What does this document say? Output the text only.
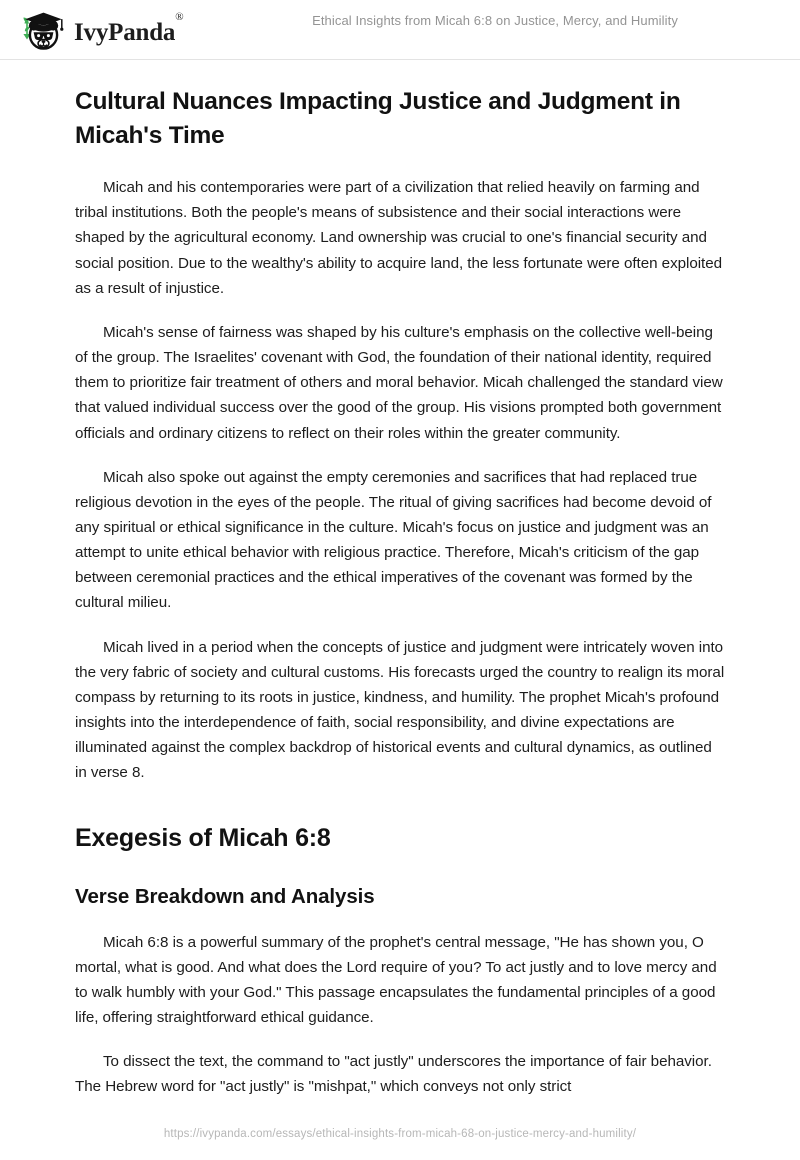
IvyPanda®	Ethical Insights from Micah 6:8 on Justice, Mercy, and Humility
Cultural Nuances Impacting Justice and Judgment in Micah's Time

Micah and his contemporaries were part of a civilization that relied heavily on farming and tribal institutions. Both the people's means of subsistence and their social interactions were shaped by the agricultural economy. Land ownership was crucial to one's financial security and social position. Due to the wealthy's ability to acquire land, the less fortunate were often exploited as a result of injustice.

Micah's sense of fairness was shaped by his culture's emphasis on the collective well-being of the group. The Israelites' covenant with God, the foundation of their national identity, required them to prioritize fair treatment of others and moral behavior. Micah challenged the standard view that valued individual success over the good of the group. His visions prompted both government officials and ordinary citizens to reflect on their roles within the greater community.

Micah also spoke out against the empty ceremonies and sacrifices that had replaced true religious devotion in the eyes of the people. The ritual of giving sacrifices had become devoid of any spiritual or ethical significance in the culture. Micah's focus on justice and judgment was an attempt to unite ethical behavior with religious practice. Therefore, Micah's criticism of the gap between ceremonial practices and the ethical imperatives of the covenant was formed by the cultural milieu.

Micah lived in a period when the concepts of justice and judgment were intricately woven into the very fabric of society and cultural customs. His forecasts urged the country to realign its moral compass by returning to its roots in justice, kindness, and humility. The prophet Micah's profound insights into the interdependence of faith, social responsibility, and divine expectations are illuminated against the complex backdrop of historical events and cultural dynamics, as outlined in verse 8.

Exegesis of Micah 6:8
Verse Breakdown and Analysis

Micah 6:8 is a powerful summary of the prophet's central message, "He has shown you, O mortal, what is good. And what does the Lord require of you? To act justly and to love mercy and to walk humbly with your God." This passage encapsulates the fundamental principles of a good life, offering straightforward ethical guidance.

To dissect the text, the command to "act justly" underscores the importance of fair behavior. The Hebrew word for "act justly" is "mishpat," which conveys not only strict

https://ivypanda.com/essays/ethical-insights-from-micah-68-on-justice-mercy-and-humility/
